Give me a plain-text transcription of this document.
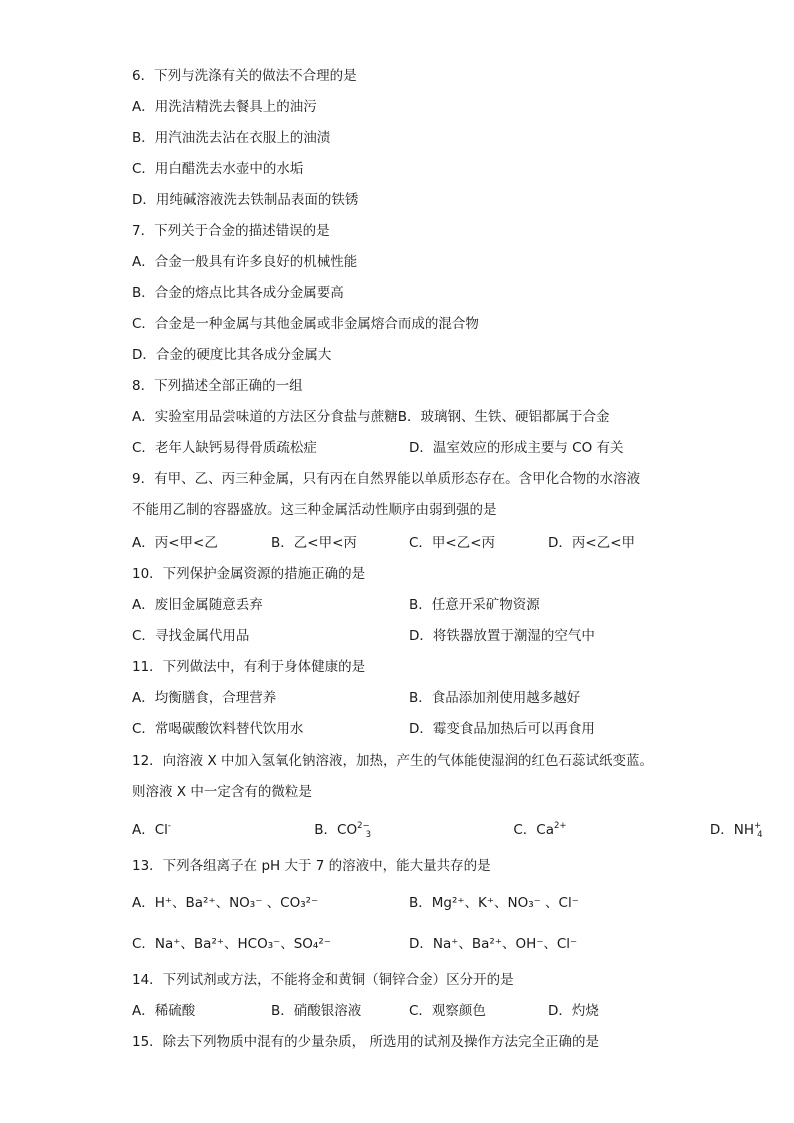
6．下列与洗涤有关的做法不合理的是
A．用洗洁精洗去餐具上的油污
B．用汽油洗去沾在衣服上的油渍
C．用白醋洗去水壶中的水垢
D．用纯碱溶液洗去铁制品表面的铁锈
7．下列关于合金的描述错误的是
A．合金一般具有许多良好的机械性能
B．合金的熔点比其各成分金属要高
C．合金是一种金属与其他金属或非金属熔合而成的混合物
D．合金的硬度比其各成分金属大
8．下列描述全部正确的一组
A．实验室用品尝味道的方法区分食盐与蔗糖B．玻璃钢、生铁、硬铝都属于合金
C．老年人缺钙易得骨质疏松症	D．温室效应的形成主要与 CO 有关
9．有甲、乙、丙三种金属，只有丙在自然界能以单质形态存在。含甲化合物的水溶液
不能用乙制的容器盛放。这三种金属活动性顺序由弱到强的是
A．丙<甲<乙	B．乙<甲<丙	C．甲<乙<丙	D．丙<乙<甲
10．下列保护金属资源的措施正确的是
A．废旧金属随意丢弃	B．任意开采矿物资源
C．寻找金属代用品	D．将铁器放置于潮湿的空气中
11．下列做法中，有利于身体健康的是
A．均衡膳食，合理营养	B．食品添加剂使用越多越好
C．常喝碳酸饮料替代饮用水	D．霉变食品加热后可以再食用
12．向溶液 X 中加入氢氧化钠溶液，加热，产生的气体能使湿润的红色石蕊试纸变蓝。
则溶液 X 中一定含有的微粒是
A．Cl-	B．$CO^{2-}_3$	C．$Ca^{2+}$	D．$NH^+_4$
13．下列各组离子在 pH 大于 7 的溶液中，能大量共存的是
A．H⁺、Ba²⁺、NO₃⁻ 、CO₃²⁻	B．Mg²⁺、K⁺、NO₃⁻ 、Cl⁻
C．Na⁺、Ba²⁺、HCO₃⁻、SO₄²⁻	D．Na⁺、Ba²⁺、OH⁻、Cl⁻
14．下列试剂或方法，不能将金和黄铜（铜锌合金）区分开的是
A．稀硫酸	B．硝酸银溶液	C．观察颜色	D．灼烧
15．除去下列物质中混有的少量杂质， 所选用的试剂及操作方法完全正确的是
